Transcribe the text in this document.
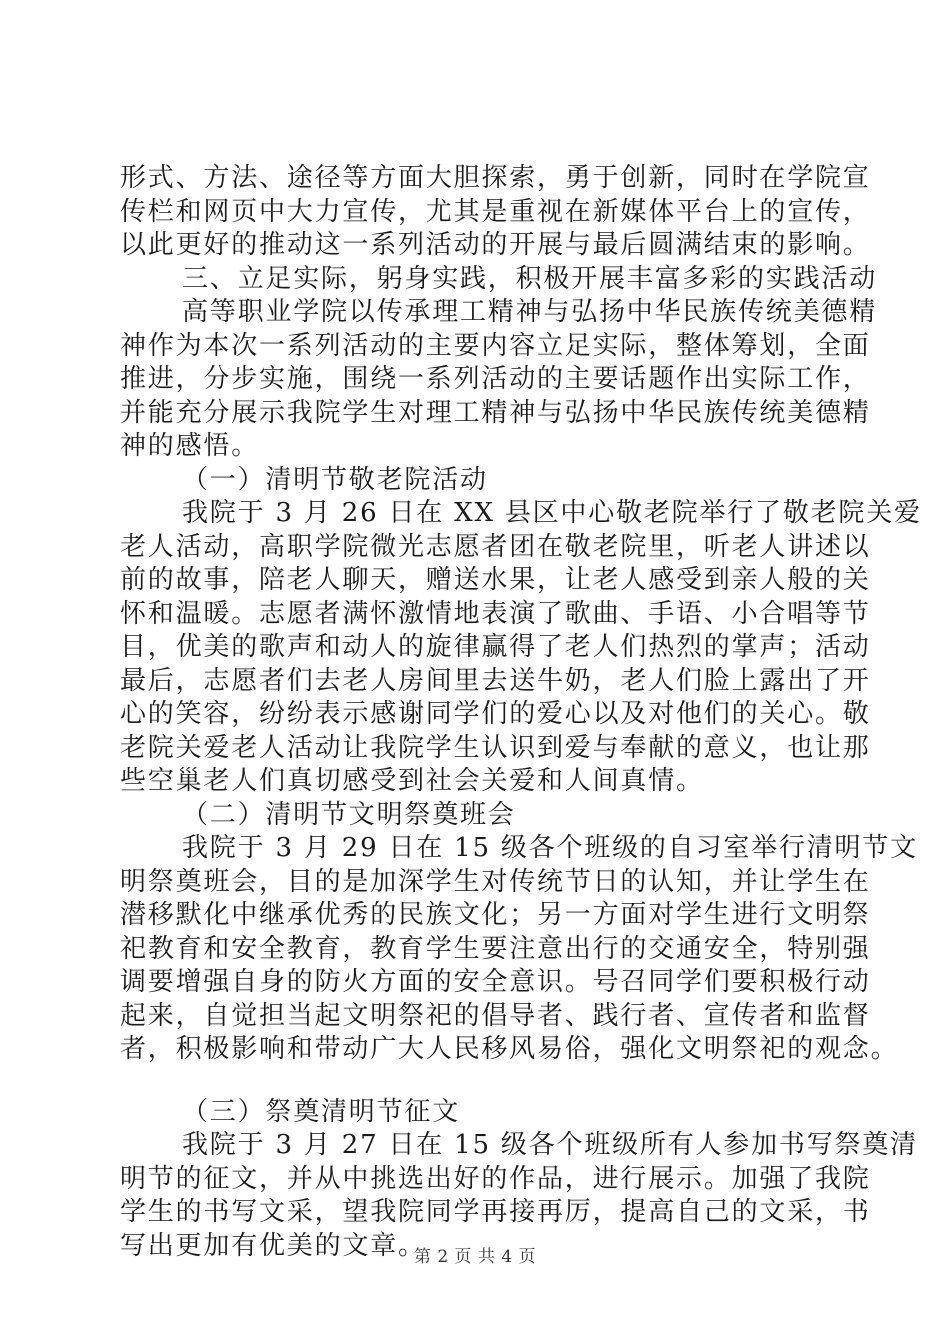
形式、方法、途径等方面大胆探索，勇于创新，同时在学院宣
传栏和网页中大力宣传，尤其是重视在新媒体平台上的宣传，
以此更好的推动这一系列活动的开展与最后圆满结束的影响。
三、立足实际，躬身实践，积极开展丰富多彩的实践活动
高等职业学院以传承理工精神与弘扬中华民族传统美德精
神作为本次一系列活动的主要内容立足实际，整体筹划，全面
推进，分步实施，围绕一系列活动的主要话题作出实际工作，
并能充分展示我院学生对理工精神与弘扬中华民族传统美德精
神的感悟。
（一）清明节敬老院活动
我院于 3 月 26 日在 XX 县区中心敬老院举行了敬老院关爱
老人活动，高职学院微光志愿者团在敬老院里，听老人讲述以
前的故事，陪老人聊天，赠送水果，让老人感受到亲人般的关
怀和温暖。志愿者满怀激情地表演了歌曲、手语、小合唱等节
目，优美的歌声和动人的旋律赢得了老人们热烈的掌声；活动
最后，志愿者们去老人房间里去送牛奶，老人们脸上露出了开
心的笑容，纷纷表示感谢同学们的爱心以及对他们的关心。敬
老院关爱老人活动让我院学生认识到爱与奉献的意义，也让那
些空巢老人们真切感受到社会关爱和人间真情。
（二）清明节文明祭奠班会
我院于 3 月 29 日在 15 级各个班级的自习室举行清明节文
明祭奠班会，目的是加深学生对传统节日的认知，并让学生在
潜移默化中继承优秀的民族文化；另一方面对学生进行文明祭
祀教育和安全教育，教育学生要注意出行的交通安全，特别强
调要增强自身的防火方面的安全意识。号召同学们要积极行动
起来，自觉担当起文明祭祀的倡导者、践行者、宣传者和监督
者，积极影响和带动广大人民移风易俗，强化文明祭祀的观念。
（三）祭奠清明节征文
我院于 3 月 27 日在 15 级各个班级所有人参加书写祭奠清
明节的征文，并从中挑选出好的作品，进行展示。加强了我院
学生的书写文采，望我院同学再接再厉，提高自己的文采，书
写出更加有优美的文章。
第 2 页 共 4 页
